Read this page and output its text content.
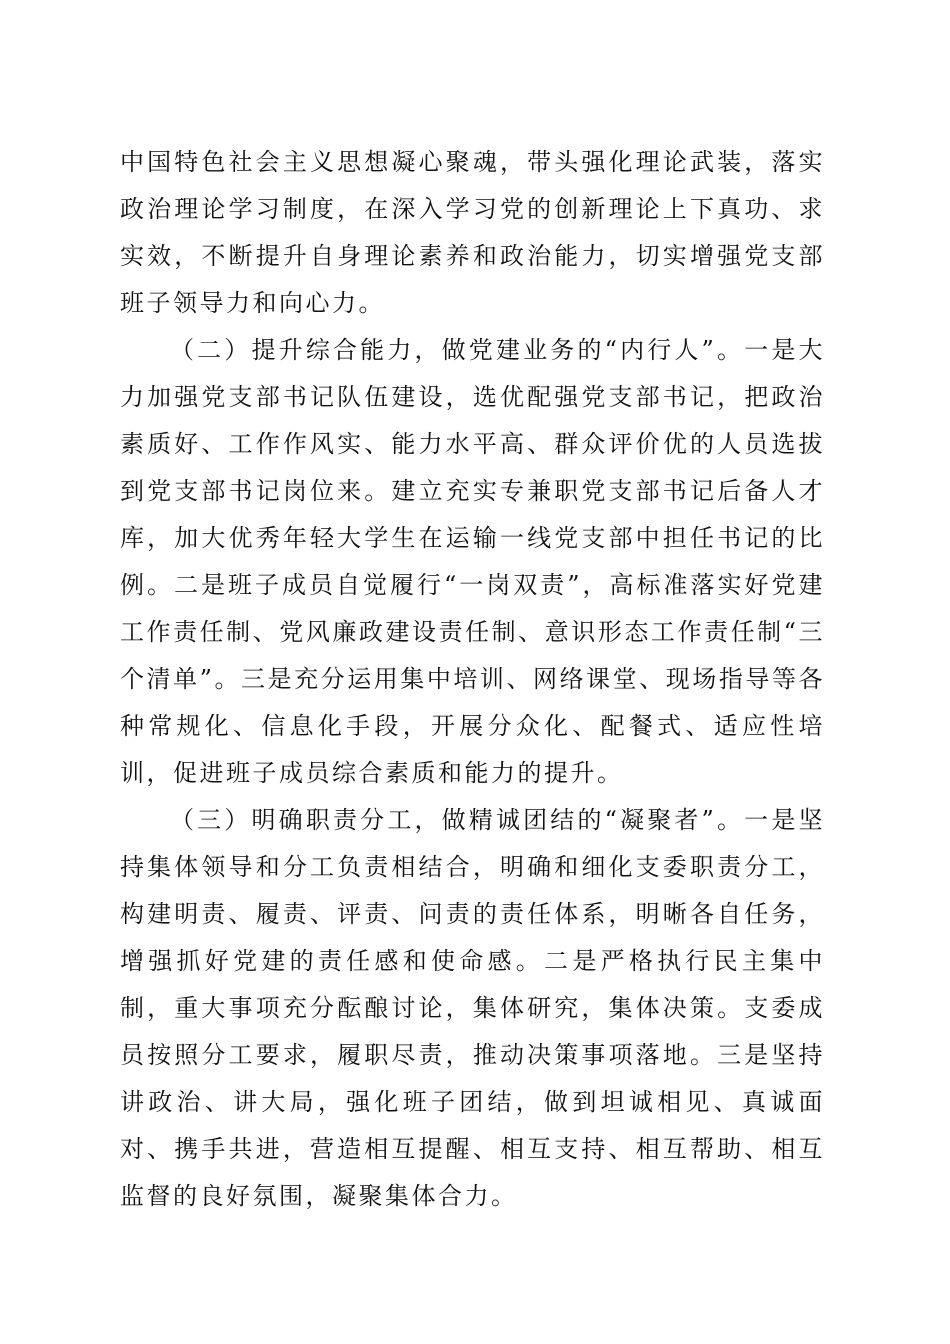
中国特色社会主义思想凝心聚魂，带头强化理论武装，落实政治理论学习制度，在深入学习党的创新理论上下真功、求实效，不断提升自身理论素养和政治能力，切实增强党支部班子领导力和向心力。

（二）提升综合能力，做党建业务的“内行人”。一是大力加强党支部书记队伍建设，选优配强党支部书记，把政治素质好、工作作风实、能力水平高、群众评价优的人员选拔到党支部书记岗位来。建立充实专兼职党支部书记后备人才库，加大优秀年轻大学生在运输一线党支部中担任书记的比例。二是班子成员自觉履行“一岗双责”，高标准落实好党建工作责任制、党风廉政建设责任制、意识形态工作责任制“三个清单”。三是充分运用集中培训、网络课堂、现场指导等各种常规化、信息化手段，开展分众化、配餐式、适应性培训，促进班子成员综合素质和能力的提升。

（三）明确职责分工，做精诚团结的“凝聚者”。一是坚持集体领导和分工负责相结合，明确和细化支委职责分工，构建明责、履责、评责、问责的责任体系，明晰各自任务，增强抓好党建的责任感和使命感。二是严格执行民主集中制，重大事项充分酝酿讨论，集体研究，集体决策。支委成员按照分工要求，履职尽责，推动决策事项落地。三是坚持讲政治、讲大局，强化班子团结，做到坦诚相见、真诚面对、携手共进，营造相互提醒、相互支持、相互帮助、相互监督的良好氛围，凝聚集体合力。
